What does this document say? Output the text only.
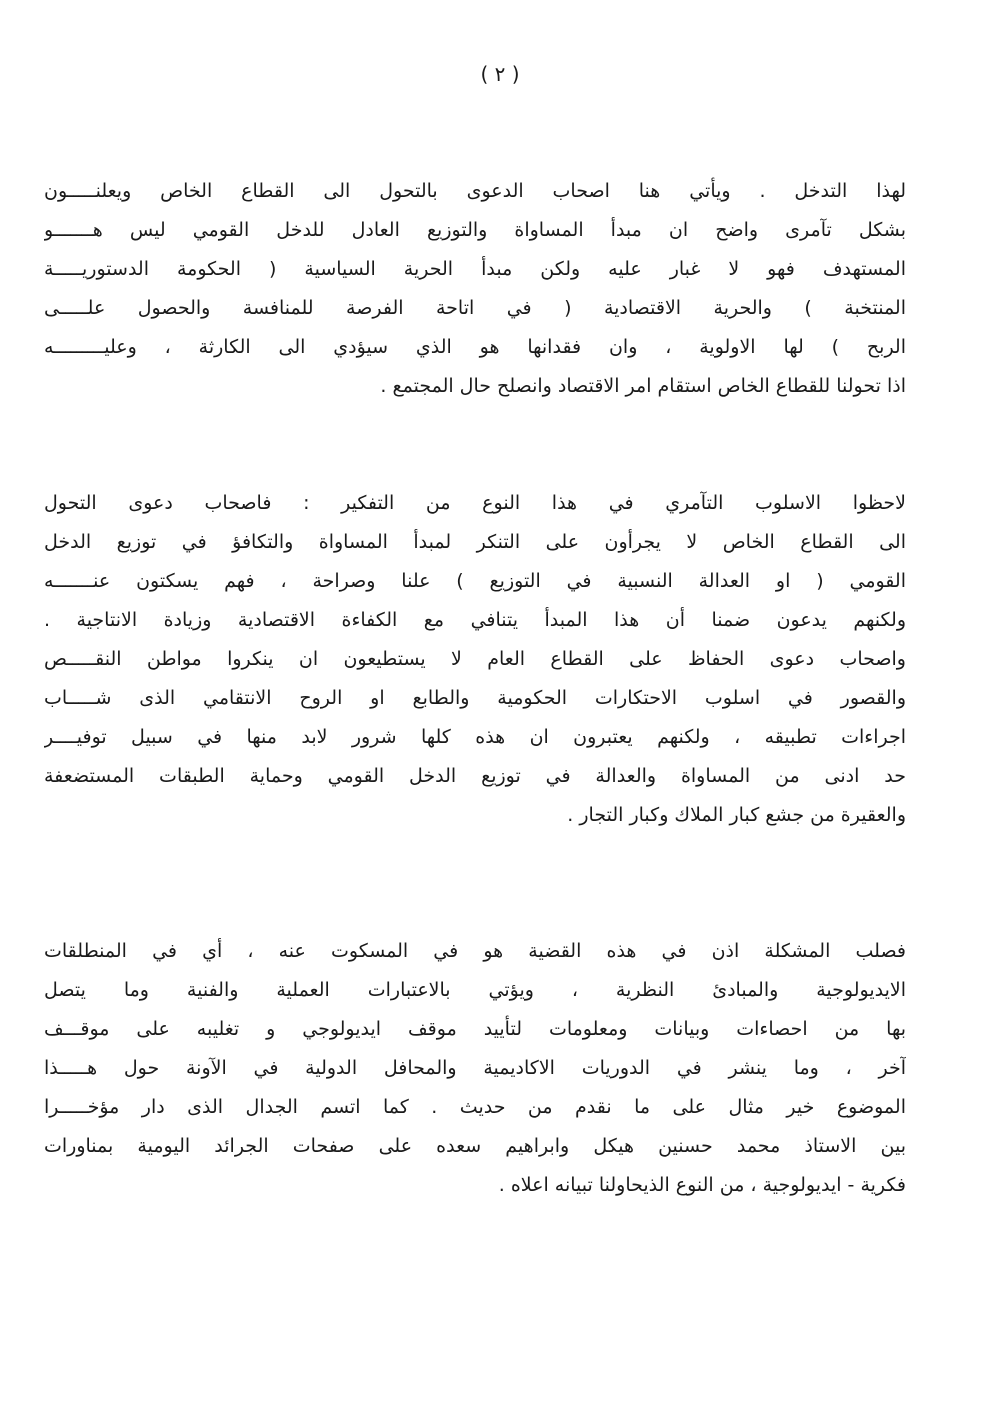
( ٢ )
لهذا التدخل . ويأتي هنا اصحاب الدعوى بالتحول الى القطاع الخاص ويعلنـــــون
بشكل تآمرى واضح ان مبدأ المساواة والتوزيع العادل للدخل القومي ليس هـــــــو
المستهدف فهو لا غبار عليه ولكن مبدأ الحرية السياسية ( الحكومة الدستوريـــــة
المنتخبة ) والحرية الاقتصادية ( في اتاحة الفرصة للمنافسة والحصول علـــــى
الربح ) لها الاولوية ، وان فقدانها هو الذي سيؤدي الى الكارثة ، وعليـــــــــه
اذا تحولنا للقطاع الخاص استقام امر الاقتصاد وانصلح حال المجتمع .
لاحظوا الاسلوب التآمري في هذا النوع من التفكير : فاصحاب دعوى التحول
الى القطاع الخاص لا يجرأون على التنكر لمبدأ المساواة والتكافؤ في توزيع الدخل
القومي ( او العدالة النسبية في التوزيع ) علنا وصراحة ، فهم يسكتون عنـــــــه
ولكنهم يدعون ضمنا أن هذا المبدأ يتنافي مع الكفاءة الاقتصادية وزيادة الانتاجية .
واصحاب دعوى الحفاظ على القطاع العام لا يستطيعون ان ينكروا مواطن النقـــــص
والقصور في اسلوب الاحتكارات الحكومية والطابع او الروح الانتقامي الذى شـــــاب
اجراءات تطبيقه ، ولكنهم يعتبرون ان هذه كلها شرور لابد منها في سبيل توفيــــر
حد ادنى من المساواة والعدالة في توزيع الدخل القومي وحماية الطبقات المستضعفة
والعقيرة من جشع كبار الملاك وكبار التجار .
فصلب المشكلة اذن في هذه القضية هو في المسكوت عنه ، أي في المنطلقات
الايديولوجية والمبادئ النظرية ، ويؤتي بالاعتبارات العملية والفنية وما يتصل
بها من احصاءات وبيانات ومعلومات لتأييد موقف ايديولوجي و تغليبه على موقـــف
آخر ، وما ينشر في الدوريات الاكاديمية والمحافل الدولية في الآونة حول هـــــذا
الموضوع خير مثال على ما نقدم من حديث . كما اتسم الجدال الذى دار مؤخـــــرا
بين الاستاذ محمد حسنين هيكل وابراهيم سعده على صفحات الجرائد اليومية بمناورات
فكرية - ايديولوجية ، من النوع الذيحاولنا تبيانه اعلاه .
